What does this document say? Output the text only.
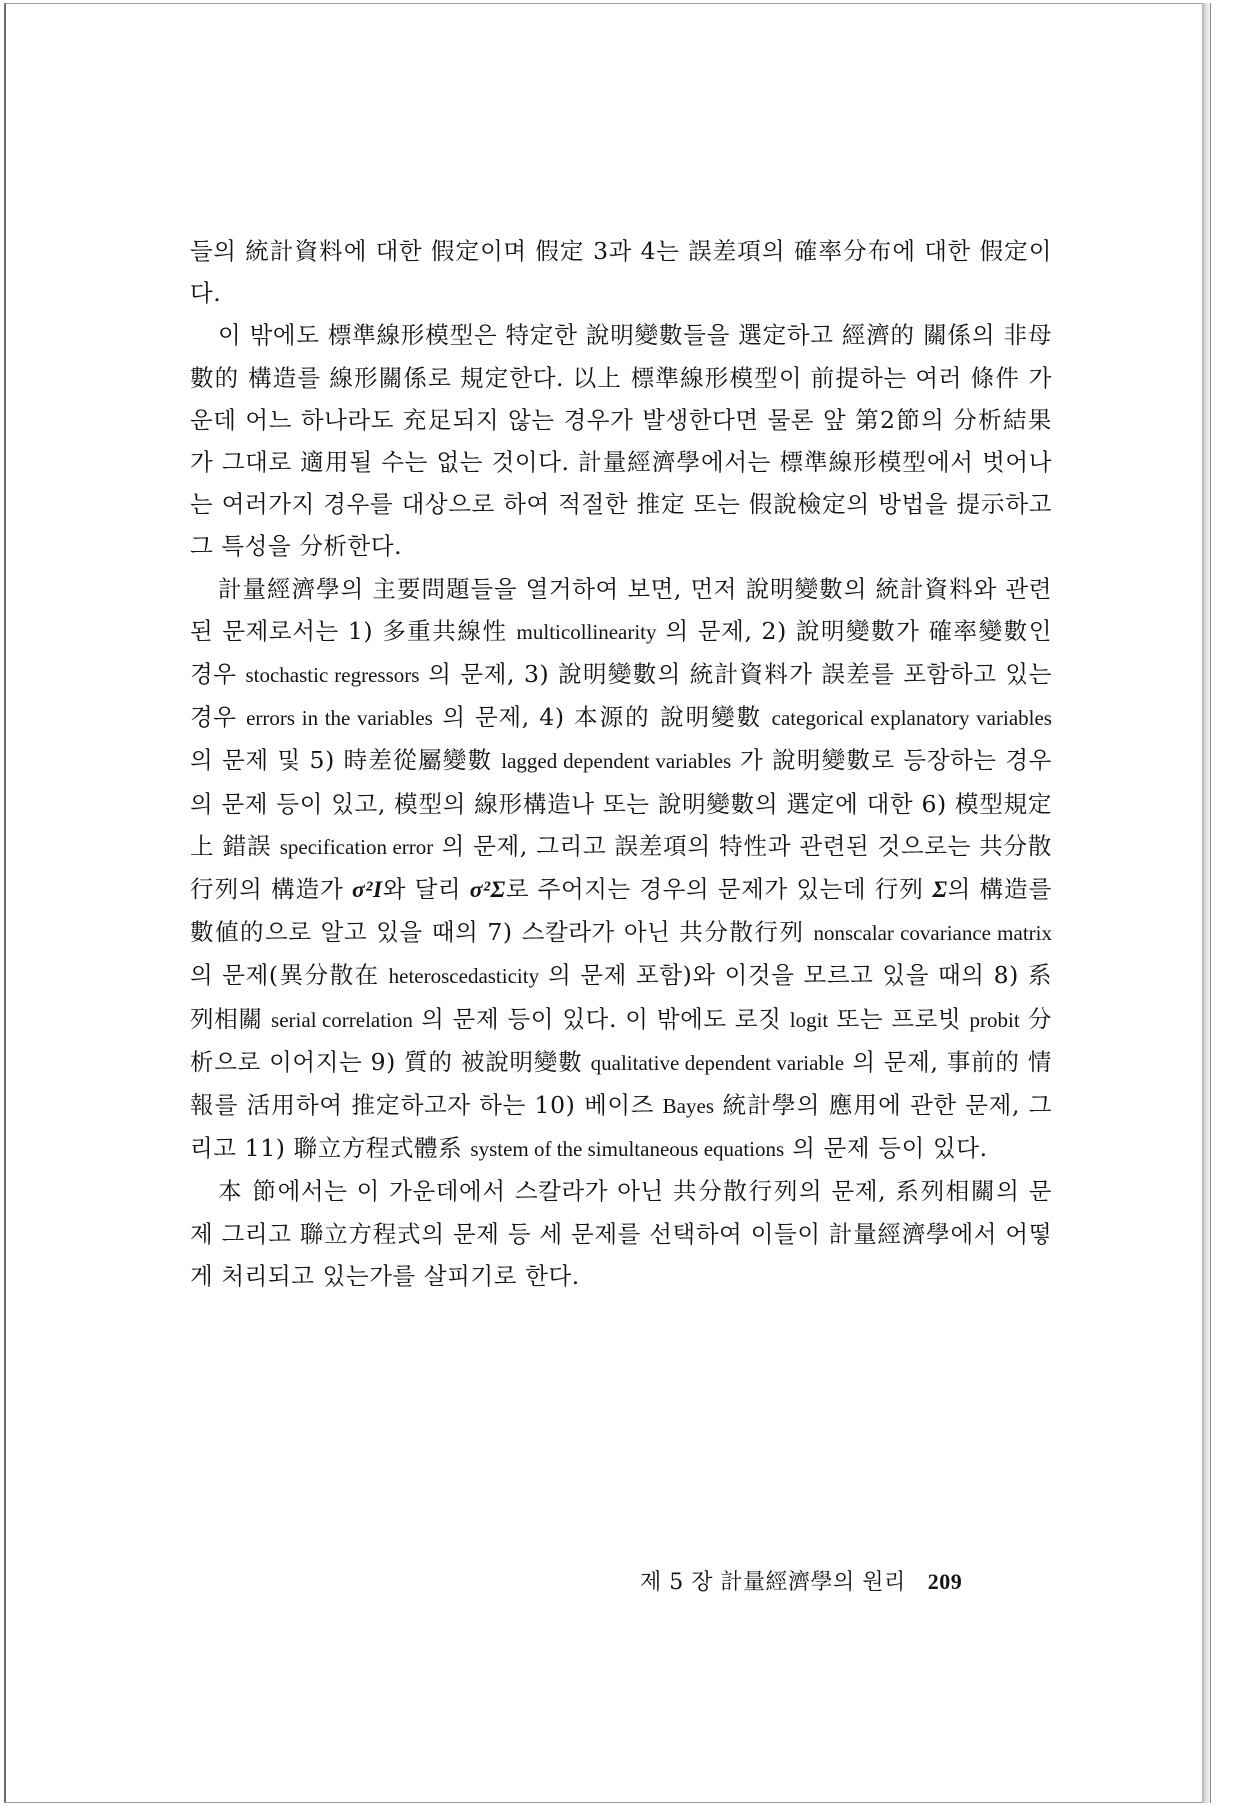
들의 統計資料에 대한 假定이며 假定 3과 4는 誤差項의 確率分布에 대한 假定이다.

이 밖에도 標準線形模型은 特定한 說明變數들을 選定하고 經濟的 關係의 非母數的 構造를 線形關係로 規定한다. 以上 標準線形模型이 前提하는 여러 條件 가운데 어느 하나라도 充足되지 않는 경우가 발생한다면 물론 앞 第2節의 分析結果가 그대로 適用될 수는 없는 것이다. 計量經濟學에서는 標準線形模型에서 벗어나는 여러가지 경우를 대상으로 하여 적절한 推定 또는 假說檢定의 방법을 提示하고 그 특성을 分析한다.

計量經濟學의 主要問題들을 열거하여 보면, 먼저 說明變數의 統計資料와 관련된 문제로서는 1) 多重共線性 multicollinearity 의 문제, 2) 說明變數가 確率變數인 경우 stochastic regressors 의 문제, 3) 說明變數의 統計資料가 誤差를 포함하고 있는 경우 errors in the variables 의 문제, 4) 本源的 說明變數 categorical explanatory variables 의 문제 및 5) 時差從屬變數 lagged dependent variables 가 說明變數로 등장하는 경우의 문제 등이 있고, 模型의 線形構造나 또는 說明變數의 選定에 대한 6) 模型規定上 錯誤 specification error 의 문제, 그리고 誤差項의 特性과 관련된 것으로는 共分散行列의 構造가 σ²I와 달리 σ²Σ로 주어지는 경우의 문제가 있는데 行列 Σ의 構造를 數値的으로 알고 있을 때의 7) 스칼라가 아닌 共分散行列 nonscalar covariance matrix 의 문제(異分散在 heteroscedasticity 의 문제 포함)와 이것을 모르고 있을 때의 8) 系列相關 serial correlation 의 문제 등이 있다. 이 밖에도 로짓 logit 또는 프로빗 probit 分析으로 이어지는 9) 質的 被說明變數 qualitative dependent variable 의 문제, 事前的 情報를 活用하여 推定하고자 하는 10) 베이즈 Bayes 統計學의 應用에 관한 문제, 그리고 11) 聯立方程式體系 system of the simultaneous equations 의 문제 등이 있다.

本 節에서는 이 가운데에서 스칼라가 아닌 共分散行列의 문제, 系列相關의 문제 그리고 聯立方程式의 문제 등 세 문제를 선택하여 이들이 計量經濟學에서 어떻게 처리되고 있는가를 살피기로 한다.

제 5 장 計量經濟學의 원리 209
